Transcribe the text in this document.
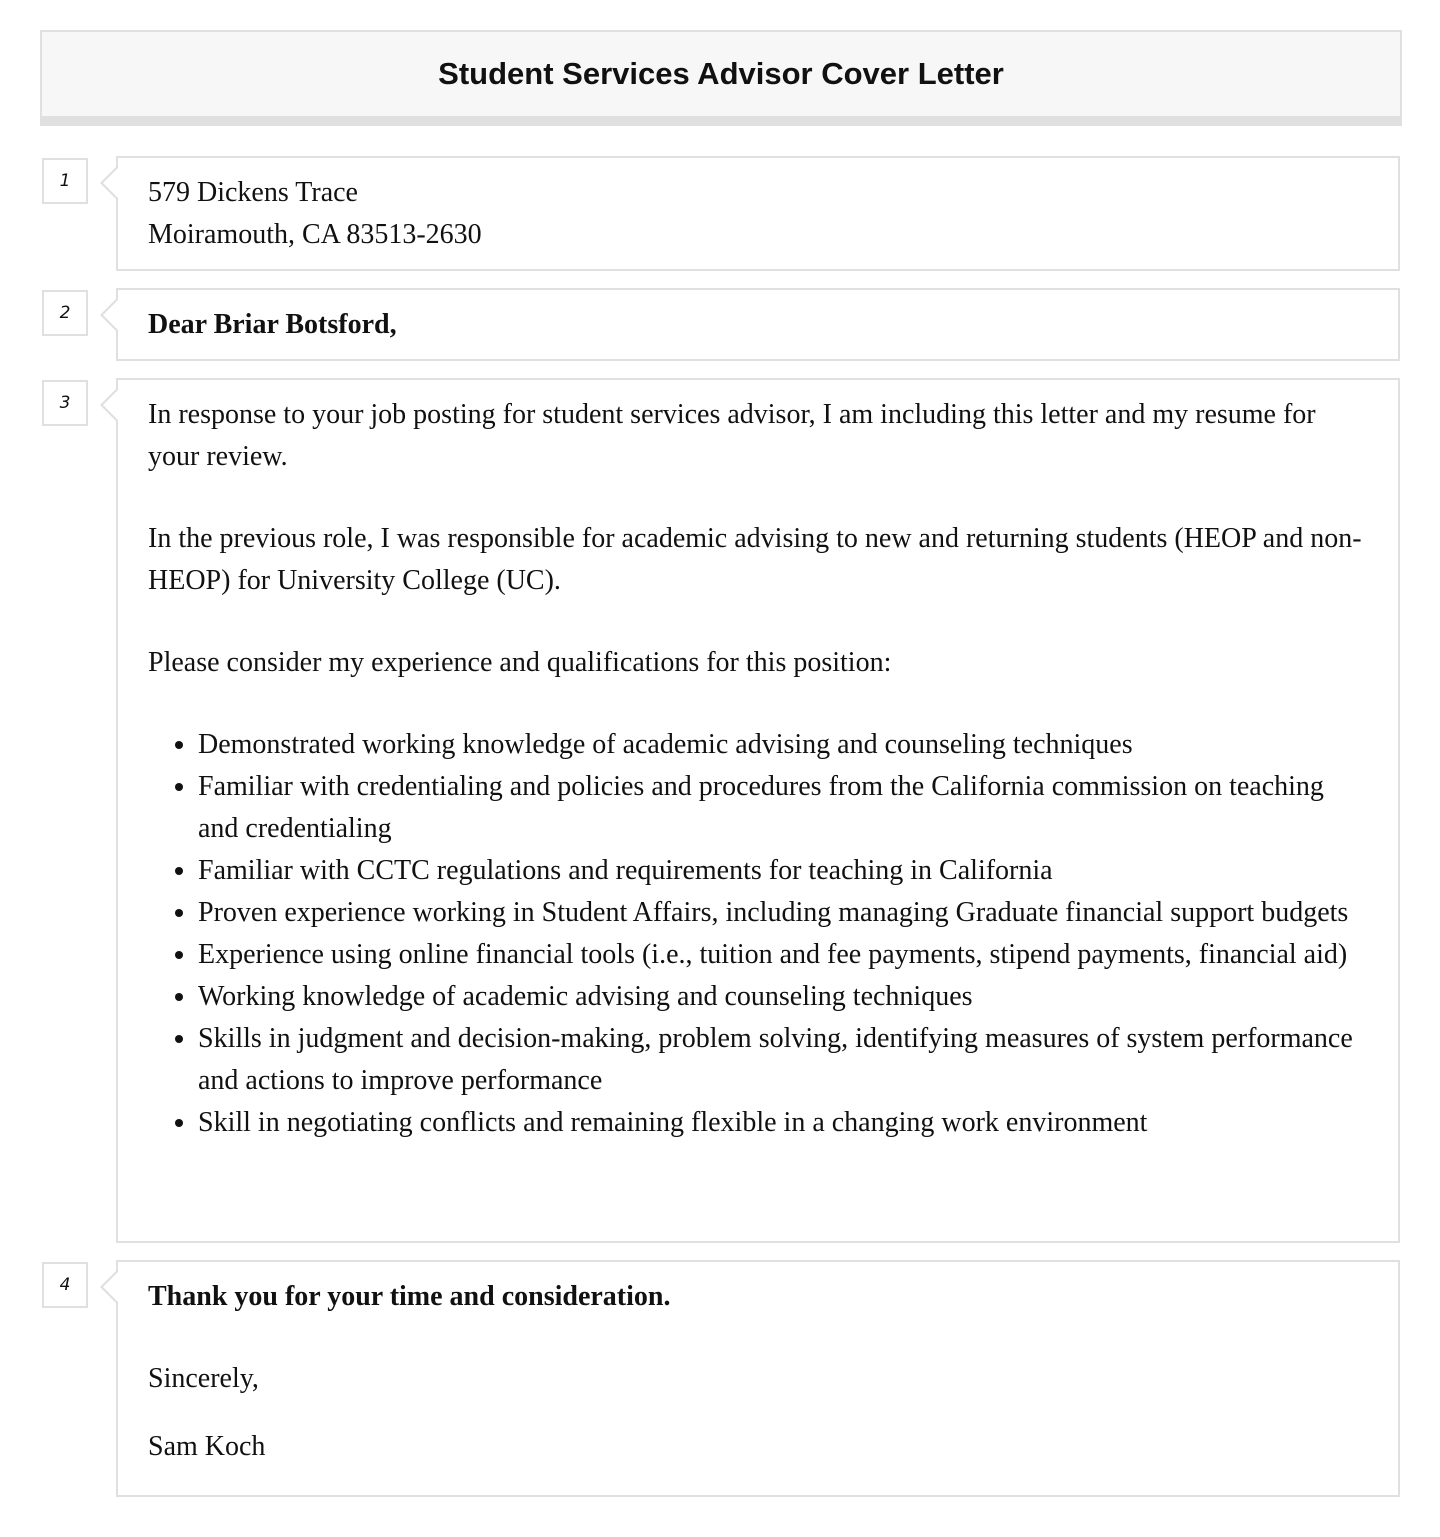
Student Services Advisor Cover Letter
1	579 Dickens Trace
Moiramouth, CA 83513-2630
2	Dear Briar Botsford,
3	In response to your job posting for student services advisor, I am including this letter and my resume for your review.

In the previous role, I was responsible for academic advising to new and returning students (HEOP and non-HEOP) for University College (UC).

Please consider my experience and qualifications for this position:

• Demonstrated working knowledge of academic advising and counseling techniques
• Familiar with credentialing and policies and procedures from the California commission on teaching and credentialing
• Familiar with CCTC regulations and requirements for teaching in California
• Proven experience working in Student Affairs, including managing Graduate financial support budgets
• Experience using online financial tools (i.e., tuition and fee payments, stipend payments, financial aid)
• Working knowledge of academic advising and counseling techniques
• Skills in judgment and decision-making, problem solving, identifying measures of system performance and actions to improve performance
• Skill in negotiating conflicts and remaining flexible in a changing work environment
4	Thank you for your time and consideration.
Sincerely,
Sam Koch
